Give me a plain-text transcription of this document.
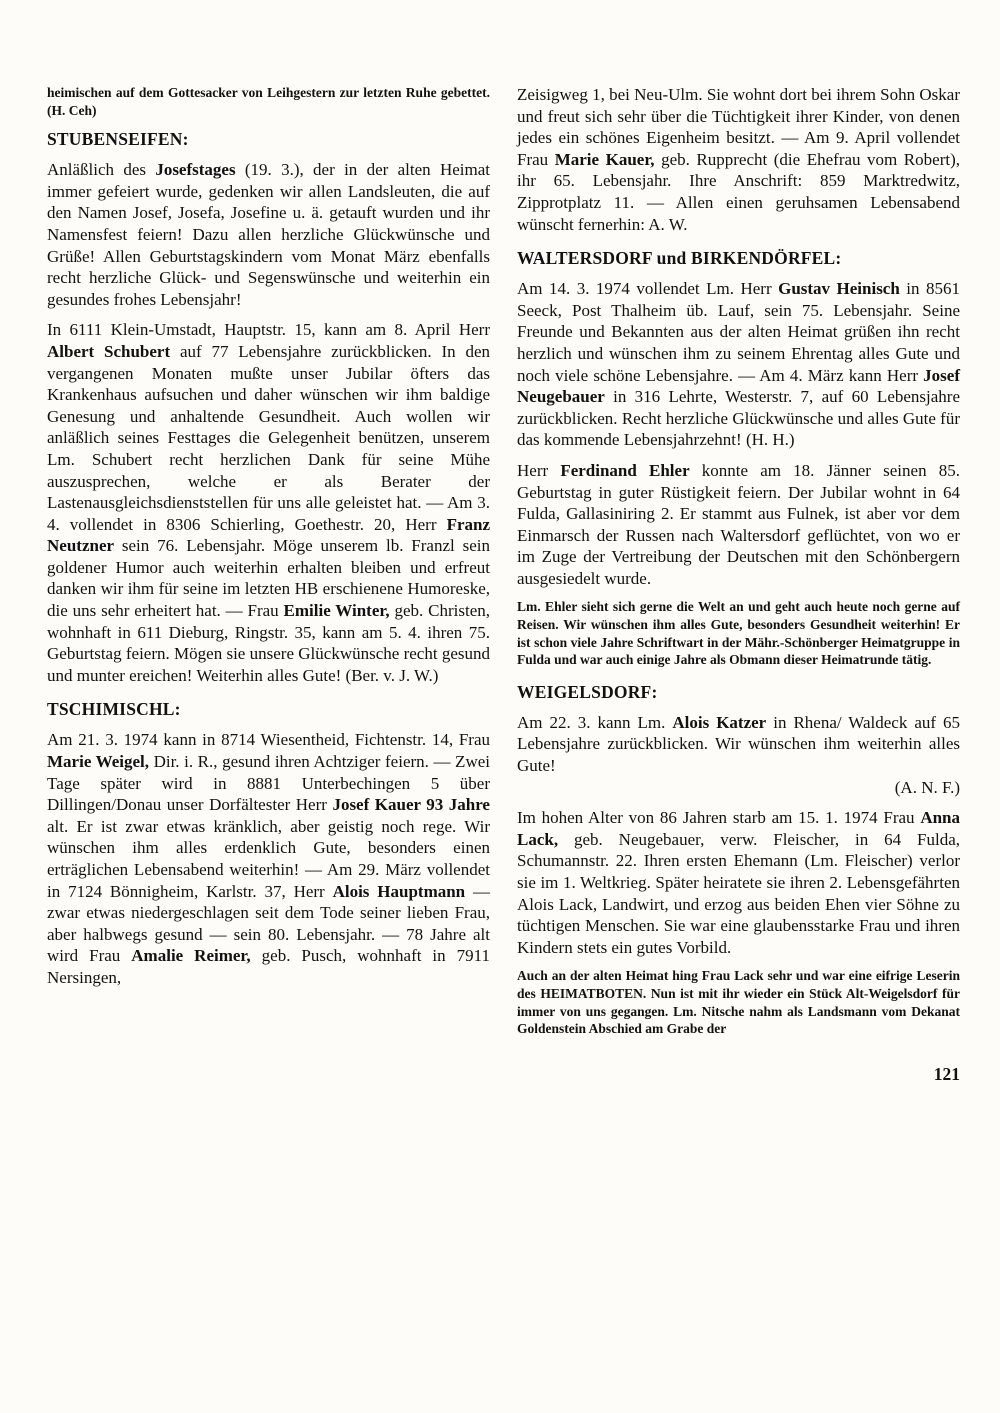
heimischen auf dem Gottesacker von Leihgestern zur letzten Ruhe gebettet. (H. Ceh)

STUBENSEIFEN:

Anläßlich des Josefstages (19. 3.), der in der alten Heimat immer gefeiert wurde, gedenken wir allen Landsleuten, die auf den Namen Josef, Josefa, Josefine u. ä. getauft wurden und ihr Namensfest feiern! Dazu allen herzliche Glückwünsche und Grüße! Allen Geburtstagskindern vom Monat März ebenfalls recht herzliche Glück- und Segenswünsche und weiterhin ein gesundes frohes Lebensjahr!

In 6111 Klein-Umstadt, Hauptstr. 15, kann am 8. April Herr Albert Schubert auf 77 Lebensjahre zurückblicken. In den vergangenen Monaten mußte unser Jubilar öfters das Krankenhaus aufsuchen und daher wünschen wir ihm baldige Genesung und anhaltende Gesundheit. Auch wollen wir anläßlich seines Festtages die Gelegenheit benützen, unserem Lm. Schubert recht herzlichen Dank für seine Mühe auszusprechen, welche er als Berater der Lastenausgleichsdienststellen für uns alle geleistet hat. — Am 3. 4. vollendet in 8306 Schierling, Goethestr. 20, Herr Franz Neutzner sein 76. Lebensjahr. Möge unserem lb. Franzl sein goldener Humor auch weiterhin erhalten bleiben und erfreut danken wir ihm für seine im letzten HB erschienene Humoreske, die uns sehr erheitert hat. — Frau Emilie Winter, geb. Christen, wohnhaft in 611 Dieburg, Ringstr. 35, kann am 5. 4. ihren 75. Geburtstag feiern. Mögen sie unsere Glückwünsche recht gesund und munter ereichen! Weiterhin alles Gute! (Ber. v. J. W.)

TSCHIMISCHL:

Am 21. 3. 1974 kann in 8714 Wiesentheid, Fichtenstr. 14, Frau Marie Weigel, Dir. i. R., gesund ihren Achtziger feiern. — Zwei Tage später wird in 8881 Unterbechingen 5 über Dillingen/Donau unser Dorfältester Herr Josef Kauer 93 Jahre alt. Er ist zwar etwas kränklich, aber geistig noch rege. Wir wünschen ihm alles erdenklich Gute, besonders einen erträglichen Lebensabend weiterhin! — Am 29. März vollendet in 7124 Bönnigheim, Karlstr. 37, Herr Alois Hauptmann — zwar etwas niedergeschlagen seit dem Tode seiner lieben Frau, aber halbwegs gesund — sein 80. Lebensjahr. — 78 Jahre alt wird Frau Amalie Reimer, geb. Pusch, wohnhaft in 7911 Nersingen,

Zeisigweg 1, bei Neu-Ulm. Sie wohnt dort bei ihrem Sohn Oskar und freut sich sehr über die Tüchtigkeit ihrer Kinder, von denen jedes ein schönes Eigenheim besitzt. — Am 9. April vollendet Frau Marie Kauer, geb. Rupprecht (die Ehefrau vom Robert), ihr 65. Lebensjahr. Ihre Anschrift: 859 Marktredwitz, Zipprotplatz 11. — Allen einen geruhsamen Lebensabend wünscht fernerhin: A. W.

WALTERSDORF und BIRKENDÖRFEL:

Am 14. 3. 1974 vollendet Lm. Herr Gustav Heinisch in 8561 Seeck, Post Thalheim üb. Lauf, sein 75. Lebensjahr. Seine Freunde und Bekannten aus der alten Heimat grüßen ihn recht herzlich und wünschen ihm zu seinem Ehrentag alles Gute und noch viele schöne Lebensjahre. — Am 4. März kann Herr Josef Neugebauer in 316 Lehrte, Westerstr. 7, auf 60 Lebensjahre zurückblicken. Recht herzliche Glückwünsche und alles Gute für das kommende Lebensjahrzehnt! (H. H.)

Herr Ferdinand Ehler konnte am 18. Jänner seinen 85. Geburtstag in guter Rüstigkeit feiern. Der Jubilar wohnt in 64 Fulda, Gallasiniring 2. Er stammt aus Fulnek, ist aber vor dem Einmarsch der Russen nach Waltersdorf geflüchtet, von wo er im Zuge der Vertreibung der Deutschen mit den Schönbergern ausgesiedelt wurde.

Lm. Ehler sieht sich gerne die Welt an und geht auch heute noch gerne auf Reisen. Wir wünschen ihm alles Gute, besonders Gesundheit weiterhin! Er ist schon viele Jahre Schriftwart in der Mähr.-Schönberger Heimatgruppe in Fulda und war auch einige Jahre als Obmann dieser Heimatrunde tätig.

WEIGELSDORF:

Am 22. 3. kann Lm. Alois Katzer in Rhena/ Waldeck auf 65 Lebensjahre zurückblicken. Wir wünschen ihm weiterhin alles Gute!

(A. N. F.)

Im hohen Alter von 86 Jahren starb am 15. 1. 1974 Frau Anna Lack, geb. Neugebauer, verw. Fleischer, in 64 Fulda, Schumannstr. 22. Ihren ersten Ehemann (Lm. Fleischer) verlor sie im 1. Weltkrieg. Später heiratete sie ihren 2. Lebensgefährten Alois Lack, Landwirt, und erzog aus beiden Ehen vier Söhne zu tüchtigen Menschen. Sie war eine glaubensstarke Frau und ihren Kindern stets ein gutes Vorbild.

Auch an der alten Heimat hing Frau Lack sehr und war eine eifrige Leserin des HEIMATBOTEN. Nun ist mit ihr wieder ein Stück Alt-Weigelsdorf für immer von uns gegangen. Lm. Nitsche nahm als Landsmann vom Dekanat Goldenstein Abschied am Grabe der

121
